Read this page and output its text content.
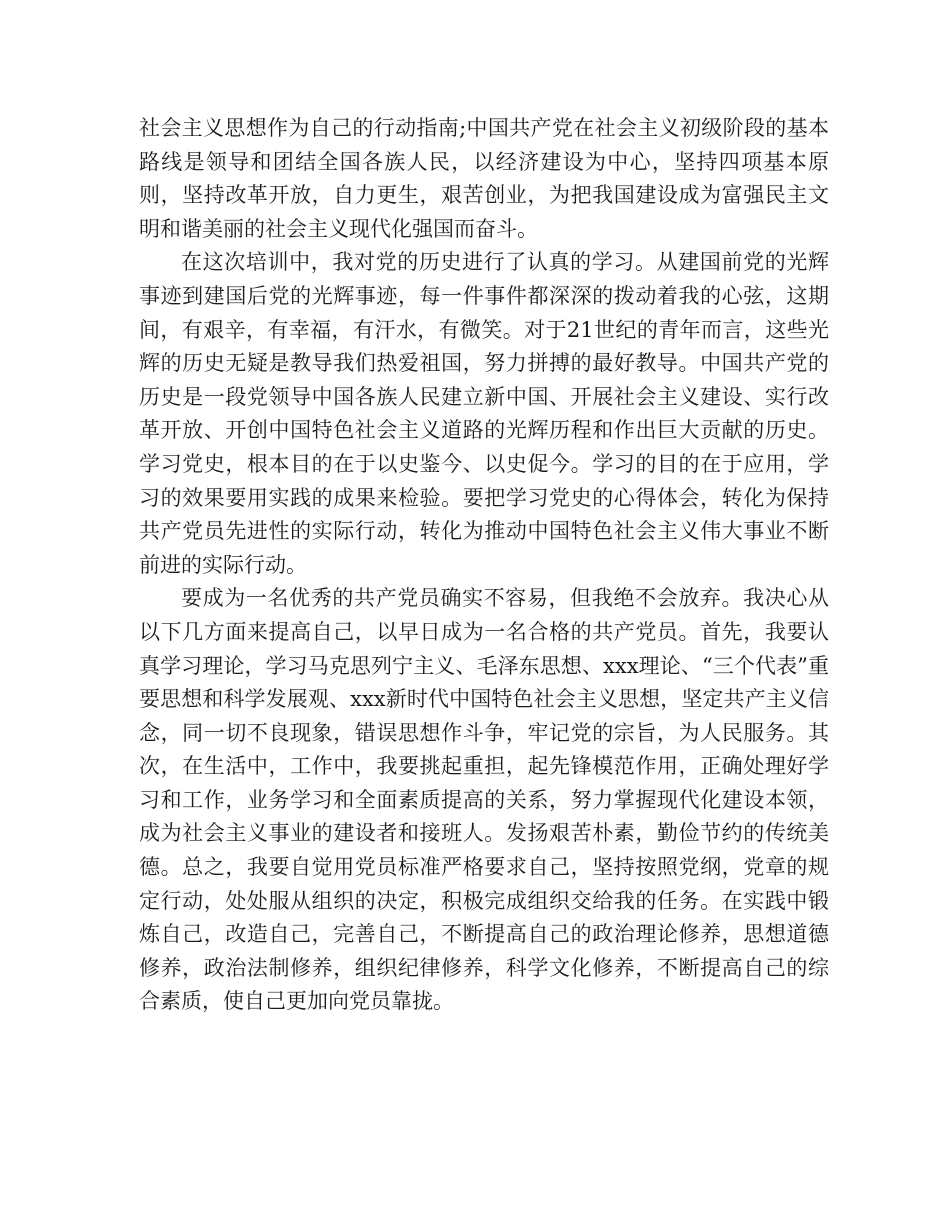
社会主义思想作为自己的行动指南;中国共产党在社会主义初级阶段的基本路线是领导和团结全国各族人民，以经济建设为中心，坚持四项基本原则，坚持改革开放，自力更生，艰苦创业，为把我国建设成为富强民主文明和谐美丽的社会主义现代化强国而奋斗。

在这次培训中，我对党的历史进行了认真的学习。从建国前党的光辉事迹到建国后党的光辉事迹，每一件事件都深深的拨动着我的心弦，这期间，有艰辛，有幸福，有汗水，有微笑。对于21世纪的青年而言，这些光辉的历史无疑是教导我们热爱祖国，努力拼搏的最好教导。中国共产党的历史是一段党领导中国各族人民建立新中国、开展社会主义建设、实行改革开放、开创中国特色社会主义道路的光辉历程和作出巨大贡献的历史。学习党史，根本目的在于以史鉴今、以史促今。学习的目的在于应用，学习的效果要用实践的成果来检验。要把学习党史的心得体会，转化为保持共产党员先进性的实际行动，转化为推动中国特色社会主义伟大事业不断前进的实际行动。

要成为一名优秀的共产党员确实不容易，但我绝不会放弃。我决心从以下几方面来提高自己，以早日成为一名合格的共产党员。首先，我要认真学习理论，学习马克思列宁主义、毛泽东思想、xxx理论、“三个代表”重要思想和科学发展观、xxx新时代中国特色社会主义思想，坚定共产主义信念，同一切不良现象，错误思想作斗争，牢记党的宗旨，为人民服务。其次，在生活中，工作中，我要挑起重担，起先锋模范作用，正确处理好学习和工作，业务学习和全面素质提高的关系，努力掌握现代化建设本领，成为社会主义事业的建设者和接班人。发扬艰苦朴素，勤俭节约的传统美德。总之，我要自觉用党员标准严格要求自己，坚持按照党纲，党章的规定行动，处处服从组织的决定，积极完成组织交给我的任务。在实践中锻炼自己，改造自己，完善自己，不断提高自己的政治理论修养，思想道德修养，政治法制修养，组织纪律修养，科学文化修养，不断提高自己的综合素质，使自己更加向党员靠拢。
